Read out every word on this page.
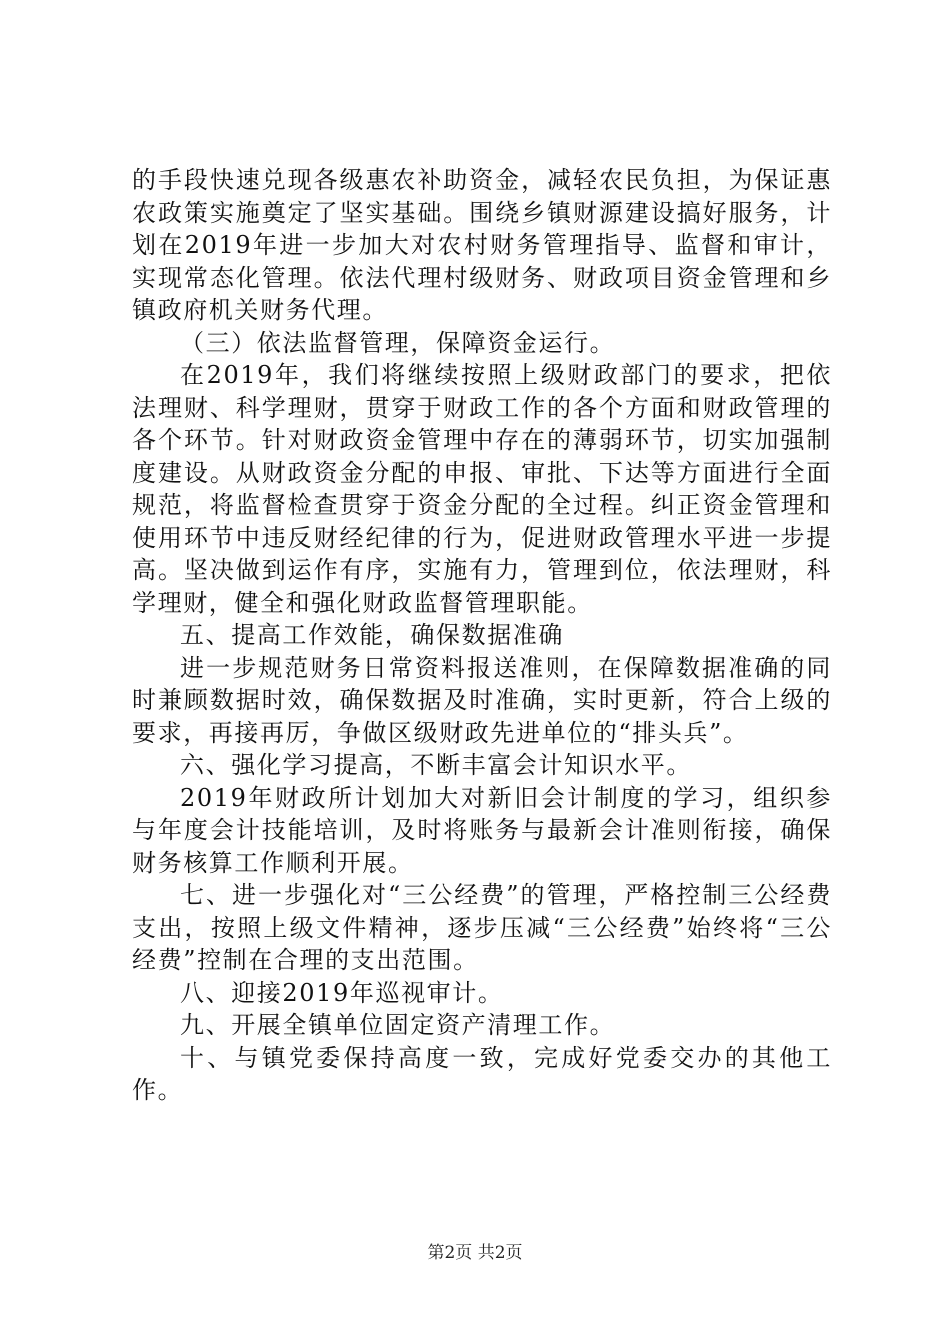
的手段快速兑现各级惠农补助资金，减轻农民负担，为保证惠农政策实施奠定了坚实基础。围绕乡镇财源建设搞好服务，计划在2019年进一步加大对农村财务管理指导、监督和审计，实现常态化管理。依法代理村级财务、财政项目资金管理和乡镇政府机关财务代理。

（三）依法监督管理，保障资金运行。

在2019年，我们将继续按照上级财政部门的要求，把依法理财、科学理财，贯穿于财政工作的各个方面和财政管理的各个环节。针对财政资金管理中存在的薄弱环节，切实加强制度建设。从财政资金分配的申报、审批、下达等方面进行全面规范，将监督检查贯穿于资金分配的全过程。纠正资金管理和使用环节中违反财经纪律的行为，促进财政管理水平进一步提高。坚决做到运作有序，实施有力，管理到位，依法理财，科学理财，健全和强化财政监督管理职能。

五、提高工作效能，确保数据准确

进一步规范财务日常资料报送准则，在保障数据准确的同时兼顾数据时效，确保数据及时准确，实时更新，符合上级的要求，再接再厉，争做区级财政先进单位的“排头兵”。

六、强化学习提高，不断丰富会计知识水平。

2019年财政所计划加大对新旧会计制度的学习，组织参与年度会计技能培训，及时将账务与最新会计准则衔接，确保财务核算工作顺利开展。

七、进一步强化对“三公经费”的管理，严格控制三公经费支出，按照上级文件精神，逐步压减“三公经费”始终将“三公经费”控制在合理的支出范围。

八、迎接2019年巡视审计。

九、开展全镇单位固定资产清理工作。

十、与镇党委保持高度一致，完成好党委交办的其他工作。

第2页 共2页
